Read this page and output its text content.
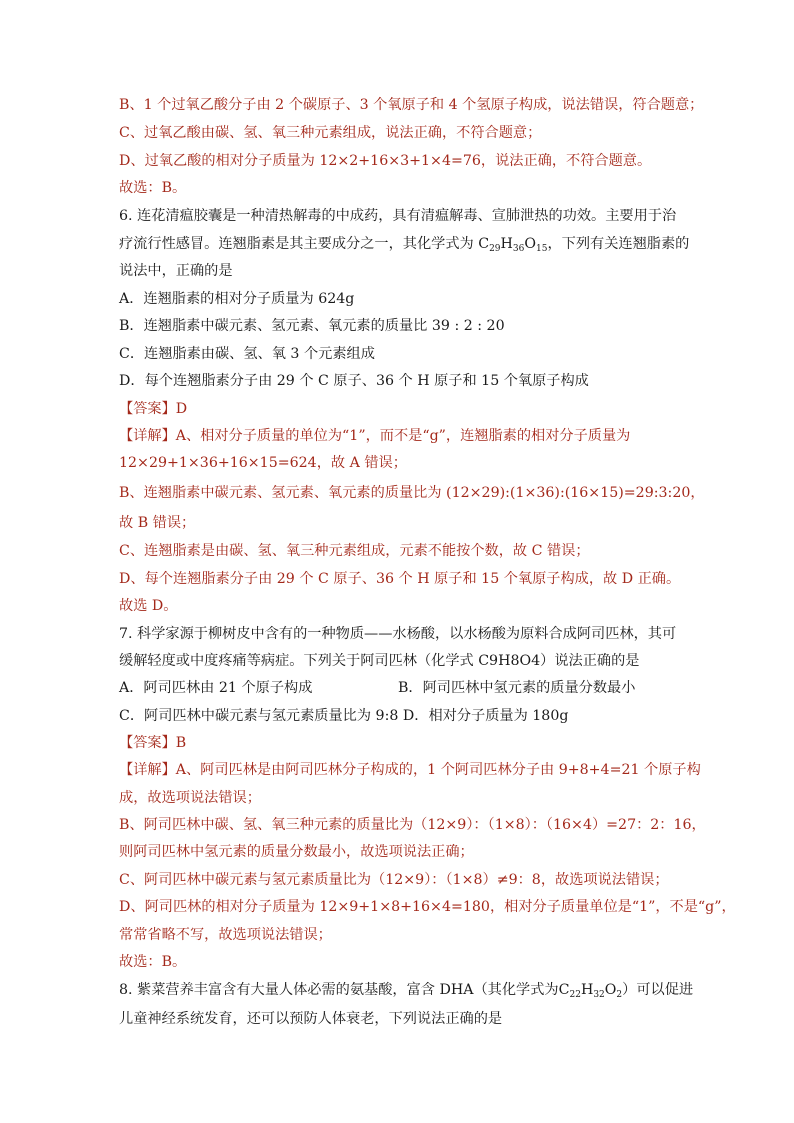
B、1 个过氧乙酸分子由 2 个碳原子、3 个氧原子和 4 个氢原子构成，说法错误，符合题意；
C、过氧乙酸由碳、氢、氧三种元素组成，说法正确，不符合题意；
D、过氧乙酸的相对分子质量为 12×2+16×3+1×4=76，说法正确，不符合题意。
故选：B。
6. 连花清瘟胶囊是一种清热解毒的中成药，具有清瘟解毒、宣肺泄热的功效。主要用于治
疗流行性感冒。连翘脂素是其主要成分之一，其化学式为 $C_{29}H_{36}O_{15}$，下列有关连翘脂素的
说法中，正确的是
A．连翘脂素的相对分子质量为 624g
B．连翘脂素中碳元素、氢元素、氧元素的质量比 39 : 2 : 20
C．连翘脂素由碳、氢、氧 3 个元素组成
D．每个连翘脂素分子由 29 个 C 原子、36 个 H 原子和 15 个氧原子构成
【答案】D
【详解】A、相对分子质量的单位为“1”，而不是“g”，连翘脂素的相对分子质量为
12×29+1×36+16×15=624，故 A 错误；
B、连翘脂素中碳元素、氢元素、氧元素的质量比为 (12×29):(1×36):(16×15)=29:3:20，
故 B 错误；
C、连翘脂素是由碳、氢、氧三种元素组成，元素不能按个数，故 C 错误；
D、每个连翘脂素分子由 29 个 C 原子、36 个 H 原子和 15 个氧原子构成，故 D 正确。
故选 D。
7. 科学家源于柳树皮中含有的一种物质——水杨酸，以水杨酸为原料合成阿司匹林，其可
缓解轻度或中度疼痛等病症。下列关于阿司匹林（化学式 C9H8O4）说法正确的是
A．阿司匹林由 21 个原子构成	B．阿司匹林中氢元素的质量分数最小
C．阿司匹林中碳元素与氢元素质量比为 9:8 D．相对分子质量为 180g
【答案】B
【详解】A、阿司匹林是由阿司匹林分子构成的，1 个阿司匹林分子由 9+8+4=21 个原子构
成，故选项说法错误；
B、阿司匹林中碳、氢、氧三种元素的质量比为（12×9）：（1×8）：（16×4）=27：2：16，
则阿司匹林中氢元素的质量分数最小，故选项说法正确；
C、阿司匹林中碳元素与氢元素质量比为（12×9）：（1×8）≠9：8，故选项说法错误；
D、阿司匹林的相对分子质量为 12×9+1×8+16×4=180，相对分子质量单位是“1”，不是“g”，
常常省略不写，故选项说法错误；
故选：B。
8. 紫菜营养丰富含有大量人体必需的氨基酸，富含 DHA（其化学式为$C_{22}H_{32}O_2$）可以促进
儿童神经系统发育，还可以预防人体衰老，下列说法正确的是
